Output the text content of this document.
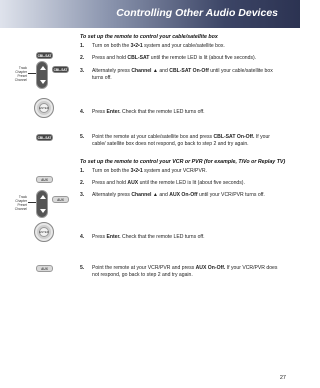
Controlling Other Audio Devices
To set up the remote to control your cable/satellite box
1.	Turn on both the 3•2•1 system and your cable/satellite box.
2.	Press and hold CBL-SAT until the remote LED is lit (about five seconds).
3.	Alternately press Channel ▲ and CBL-SAT On-Off until your cable/satellite box turns off.
4.	Press Enter. Check that the remote LED turns off.
5.	Point the remote at your cable/satellite box and press CBL-SAT On-Off. If your cable/ satellite box does not respond, go back to step 2 and try again.
CBL-SAT
Track
Chapter
Preset
Channel
CBL-SAT
ENTER
CBL-SAT
To set up the remote to control your VCR or PVR (for example, TiVo or Replay TV)
1.	Turn on both the 3•2•1 system and your VCR/PVR.
2.	Press and hold AUX until the remote LED is lit (about five seconds).
3.	Alternately press Channel ▲ and AUX On-Off until your VCR/PVR turns off.
4.	Press Enter. Check that the remote LED turns off.
5.	Point the remote at your VCR/PVR and press AUX On-Off. If your VCR/PVR does not respond, go back to step 2 and try again.
AUX
Track
Chapter
Preset
Channel
AUX
ENTER
AUX
27
